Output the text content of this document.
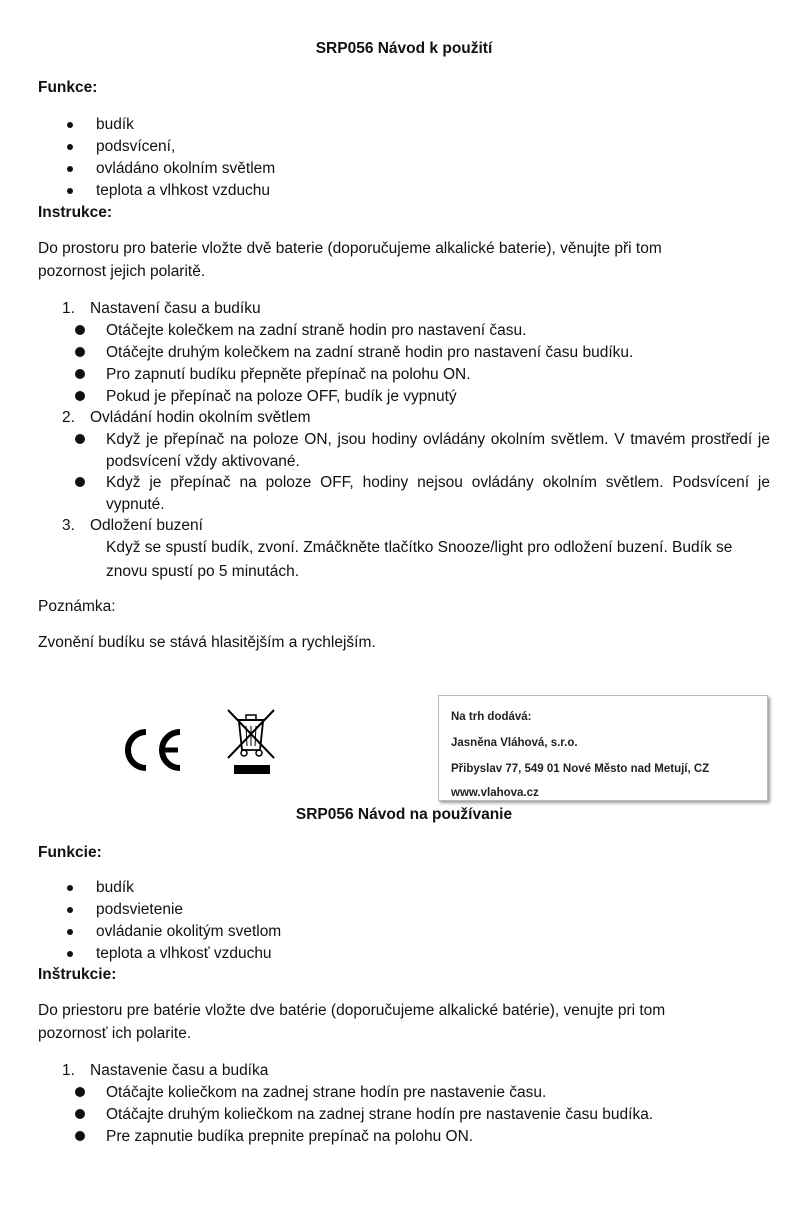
SRP056 Návod k použití
Funkce:
budík
podsvícení,
ovládáno okolním světlem
teplota a vlhkost vzduchu
Instrukce:
Do prostoru pro baterie vložte dvě baterie (doporučujeme alkalické baterie), věnujte při tom
pozornost jejich polaritě.
1. Nastavení času a budíku
Otáčejte kolečkem na zadní straně hodin pro nastavení času.
Otáčejte druhým kolečkem na zadní straně hodin pro nastavení času budíku.
Pro zapnutí budíku přepněte přepínač na polohu ON.
Pokud je přepínač na poloze OFF, budík je vypnutý
2. Ovládání hodin okolním světlem
Když je přepínač na poloze ON, jsou hodiny ovládány okolním světlem. V tmavém prostředí je podsvícení vždy aktivované.
Když je přepínač na poloze OFF, hodiny nejsou ovládány okolním světlem. Podsvícení je vypnuté.
3. Odložení buzení
Když se spustí budík, zvoní. Zmáčkněte tlačítko Snooze/light pro odložení buzení. Budík se
znovu spustí po 5 minutách.
Poznámka:
Zvonění budíku se stává hlasitějším a rychlejším.
Na trh dodává:
Jasněna Vláhová, s.r.o.
Přibyslav 77, 549 01 Nové Město nad Metují, CZ
www.vlahova.cz
SRP056 Návod na používanie
Funkcie:
budík
podsvietenie
ovládanie okolitým svetlom
teplota a vlhkosť vzduchu
Inštrukcie:
Do priestoru pre batérie vložte dve batérie (doporučujeme alkalické batérie), venujte pri tom
pozornosť ich polarite.
1. Nastavenie času a budíka
Otáčajte koliečkom na zadnej strane hodín pre nastavenie času.
Otáčajte druhým koliečkom na zadnej strane hodín pre nastavenie času budíka.
Pre zapnutie budíka prepnite prepínač na polohu ON.
